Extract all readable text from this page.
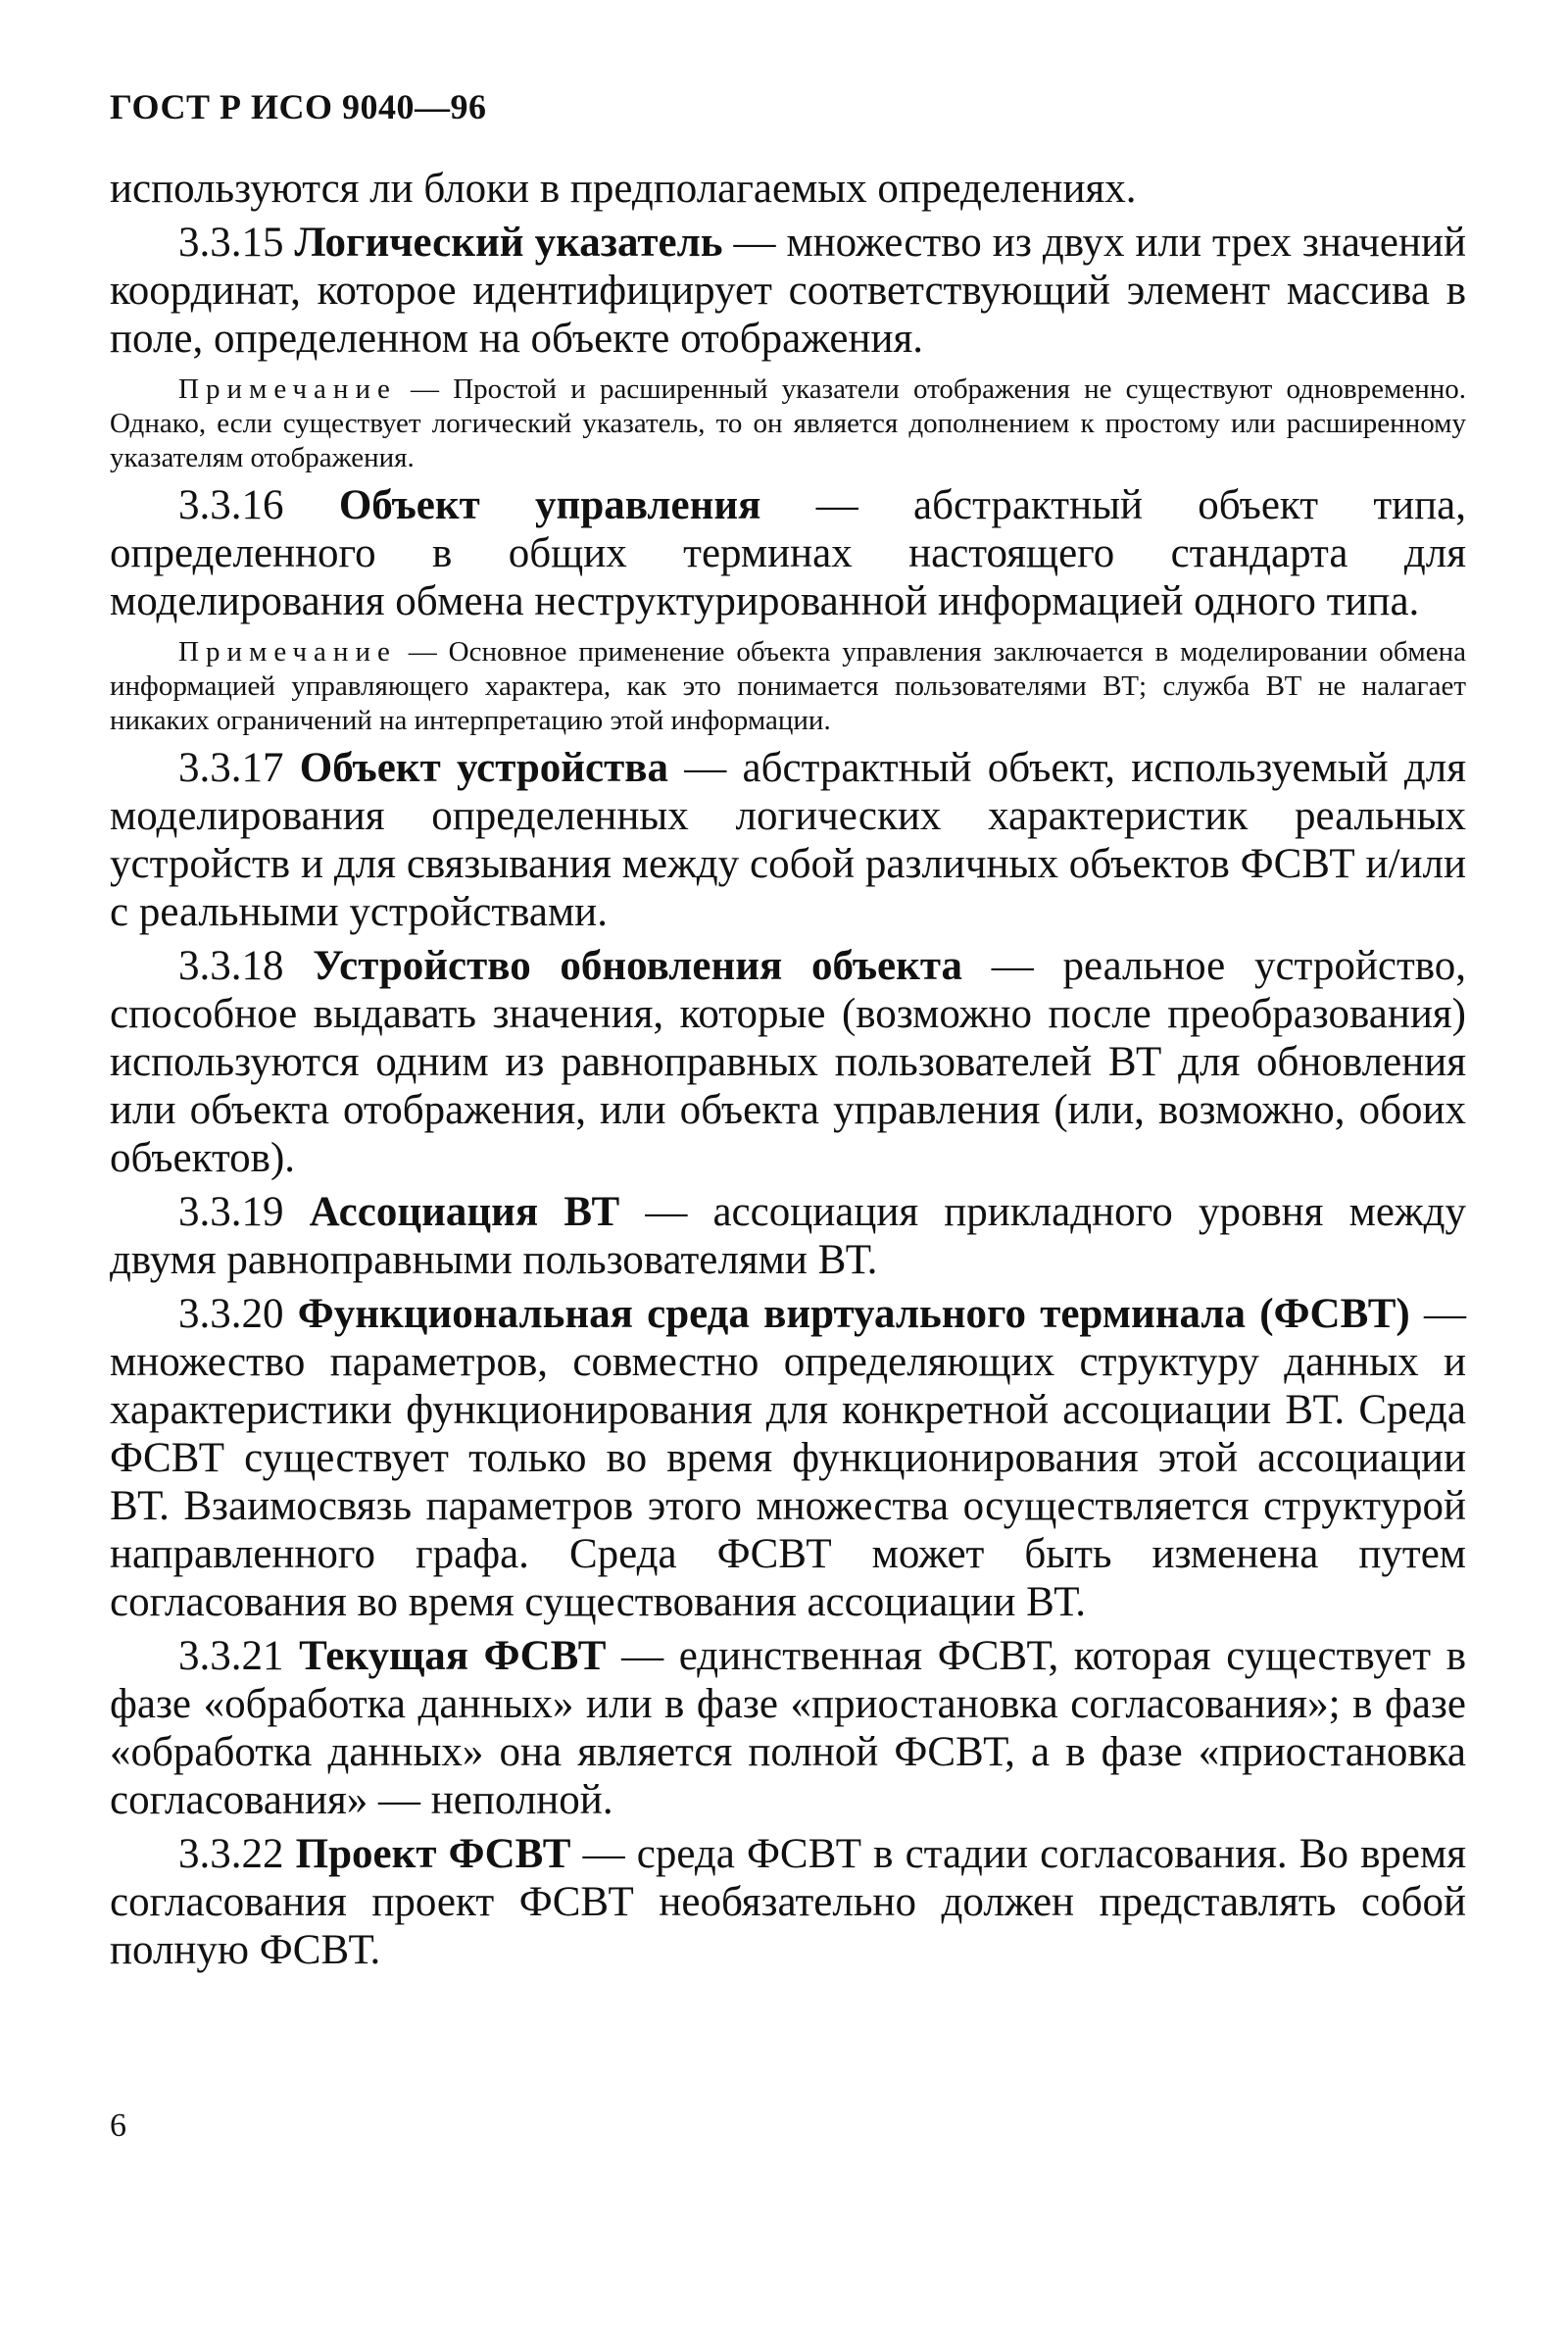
ГОСТ Р ИСО 9040—96

используются ли блоки в предполагаемых определениях.

3.3.15 Логический указатель — множество из двух или трех значений координат, которое идентифицирует соответствующий элемент массива в поле, определенном на объекте отображения.

Примечание — Простой и расширенный указатели отображения не существуют одновременно. Однако, если существует логический указатель, то он является дополнением к простому или расширенному указателям отображения.

3.3.16 Объект управления — абстрактный объект типа, определенного в общих терминах настоящего стандарта для моделирования обмена неструктурированной информацией одного типа.

Примечание — Основное применение объекта управления заключается в моделировании обмена информацией управляющего характера, как это понимается пользователями ВТ; служба ВТ не налагает никаких ограничений на интерпретацию этой информации.

3.3.17 Объект устройства — абстрактный объект, используемый для моделирования определенных логических характеристик реальных устройств и для связывания между собой различных объектов ФСВТ и/или с реальными устройствами.

3.3.18 Устройство обновления объекта — реальное устройство, способное выдавать значения, которые (возможно после преобразования) используются одним из равноправных пользователей ВТ для обновления или объекта отображения, или объекта управления (или, возможно, обоих объектов).

3.3.19 Ассоциация ВТ — ассоциация прикладного уровня между двумя равноправными пользователями ВТ.

3.3.20 Функциональная среда виртуального терминала (ФСВТ) — множество параметров, совместно определяющих структуру данных и характеристики функционирования для конкретной ассоциации ВТ. Среда ФСВТ существует только во время функционирования этой ассоциации ВТ. Взаимосвязь параметров этого множества осуществляется структурой направленного графа. Среда ФСВТ может быть изменена путем согласования во время существования ассоциации ВТ.

3.3.21 Текущая ФСВТ — единственная ФСВТ, которая существует в фазе «обработка данных» или в фазе «приостановка согласования»; в фазе «обработка данных» она является полной ФСВТ, а в фазе «приостановка согласования» — неполной.

3.3.22 Проект ФСВТ — среда ФСВТ в стадии согласования. Во время согласования проект ФСВТ необязательно должен представлять собой полную ФСВТ.

6
